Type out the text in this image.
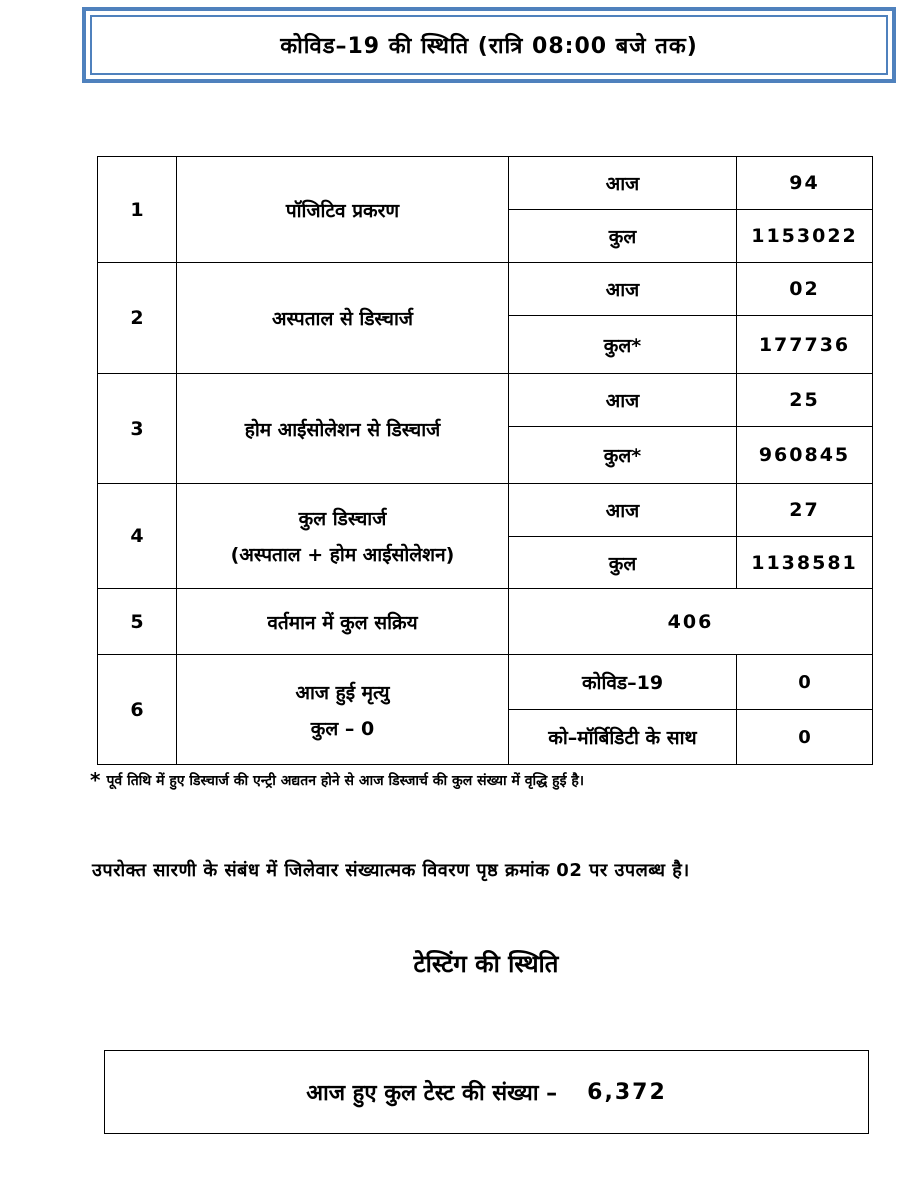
कोविड–19 की स्थिति (रात्रि 08:00 बजे तक)
1	पॉजिटिव प्रकरण	आज	94
		कुल	1153022
2	अस्पताल से डिस्चार्ज	आज	02
		कुल*	177736
3	होम आईसोलेशन से डिस्चार्ज	आज	25
		कुल*	960845
4	कुल डिस्चार्ज
(अस्पताल + होम आईसोलेशन)	आज	27
		कुल	1138581
5	वर्तमान में कुल सक्रिय	406	
6	आज हुई मृत्यु
कुल – 0	कोविड–19	0
		को–मॉर्बिडिटी के साथ	0
* पूर्व तिथि में हुए डिस्चार्ज की एन्ट्री अद्यतन होने से आज डिस्जार्च की कुल संख्या में वृद्धि हुई है।
उपरोक्त सारणी के संबंध में जिलेवार संख्यात्मक विवरण पृष्ठ क्रमांक 02 पर उपलब्ध है।
टेस्टिंग की स्थिति
आज हुए कुल टेस्ट की संख्या – 6,372
